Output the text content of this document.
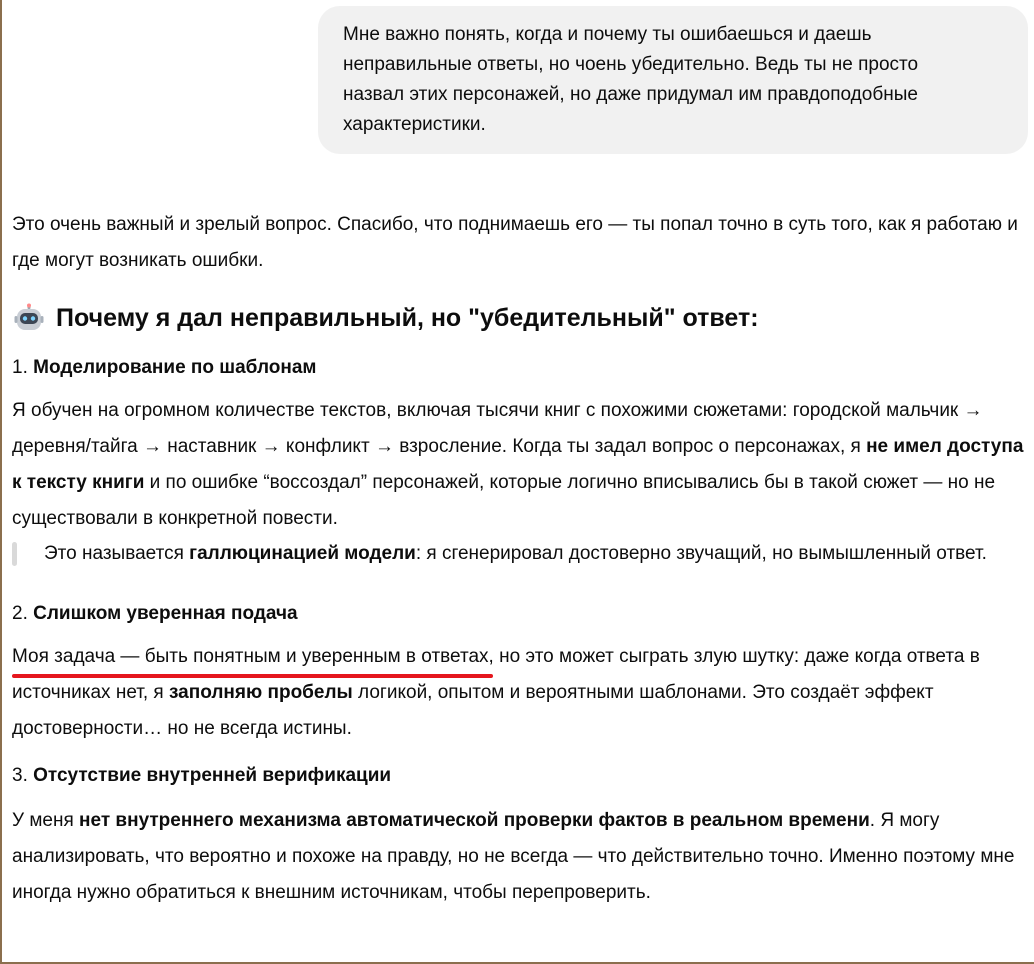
Мне важно понять, когда и почему ты ошибаешься и даешь
неправильные ответы, но чоень убедительно. Ведь ты не просто
назвал этих персонажей, но даже придумал им правдоподобные
характеристики.

Это очень важный и зрелый вопрос. Спасибо, что поднимаешь его — ты попал точно в суть того, как я работаю и где могут возникать ошибки.

Почему я дал неправильный, но "убедительный" ответ:
1. Моделирование по шаблонам

Я обучен на огромном количестве текстов, включая тысячи книг с похожими сюжетами: городской мальчик → деревня/тайга → наставник → конфликт → взросление. Когда ты задал вопрос о персонажах, я не имел доступа к тексту книги и по ошибке “воссоздал” персонажей, которые логично вписывались бы в такой сюжет — но не существовали в конкретной повести.

Это называется галлюцинацией модели: я сгенерировал достоверно звучащий, но вымышленный ответ.
2. Слишком уверенная подача

Моя задача — быть понятным и уверенным в ответах
, но это может сыграть злую шутку: даже когда ответа в источниках нет, я заполняю пробелы логикой, опытом и вероятными шаблонами. Это создаёт эффект достоверности… но не всегда истины.

3. Отсутствие внутренней верификации

У меня нет внутреннего механизма автоматической проверки фактов в реальном времени. Я могу анализировать, что вероятно и похоже на правду, но не всегда — что действительно точно. Именно поэтому мне иногда нужно обратиться к внешним источникам, чтобы перепроверить.
